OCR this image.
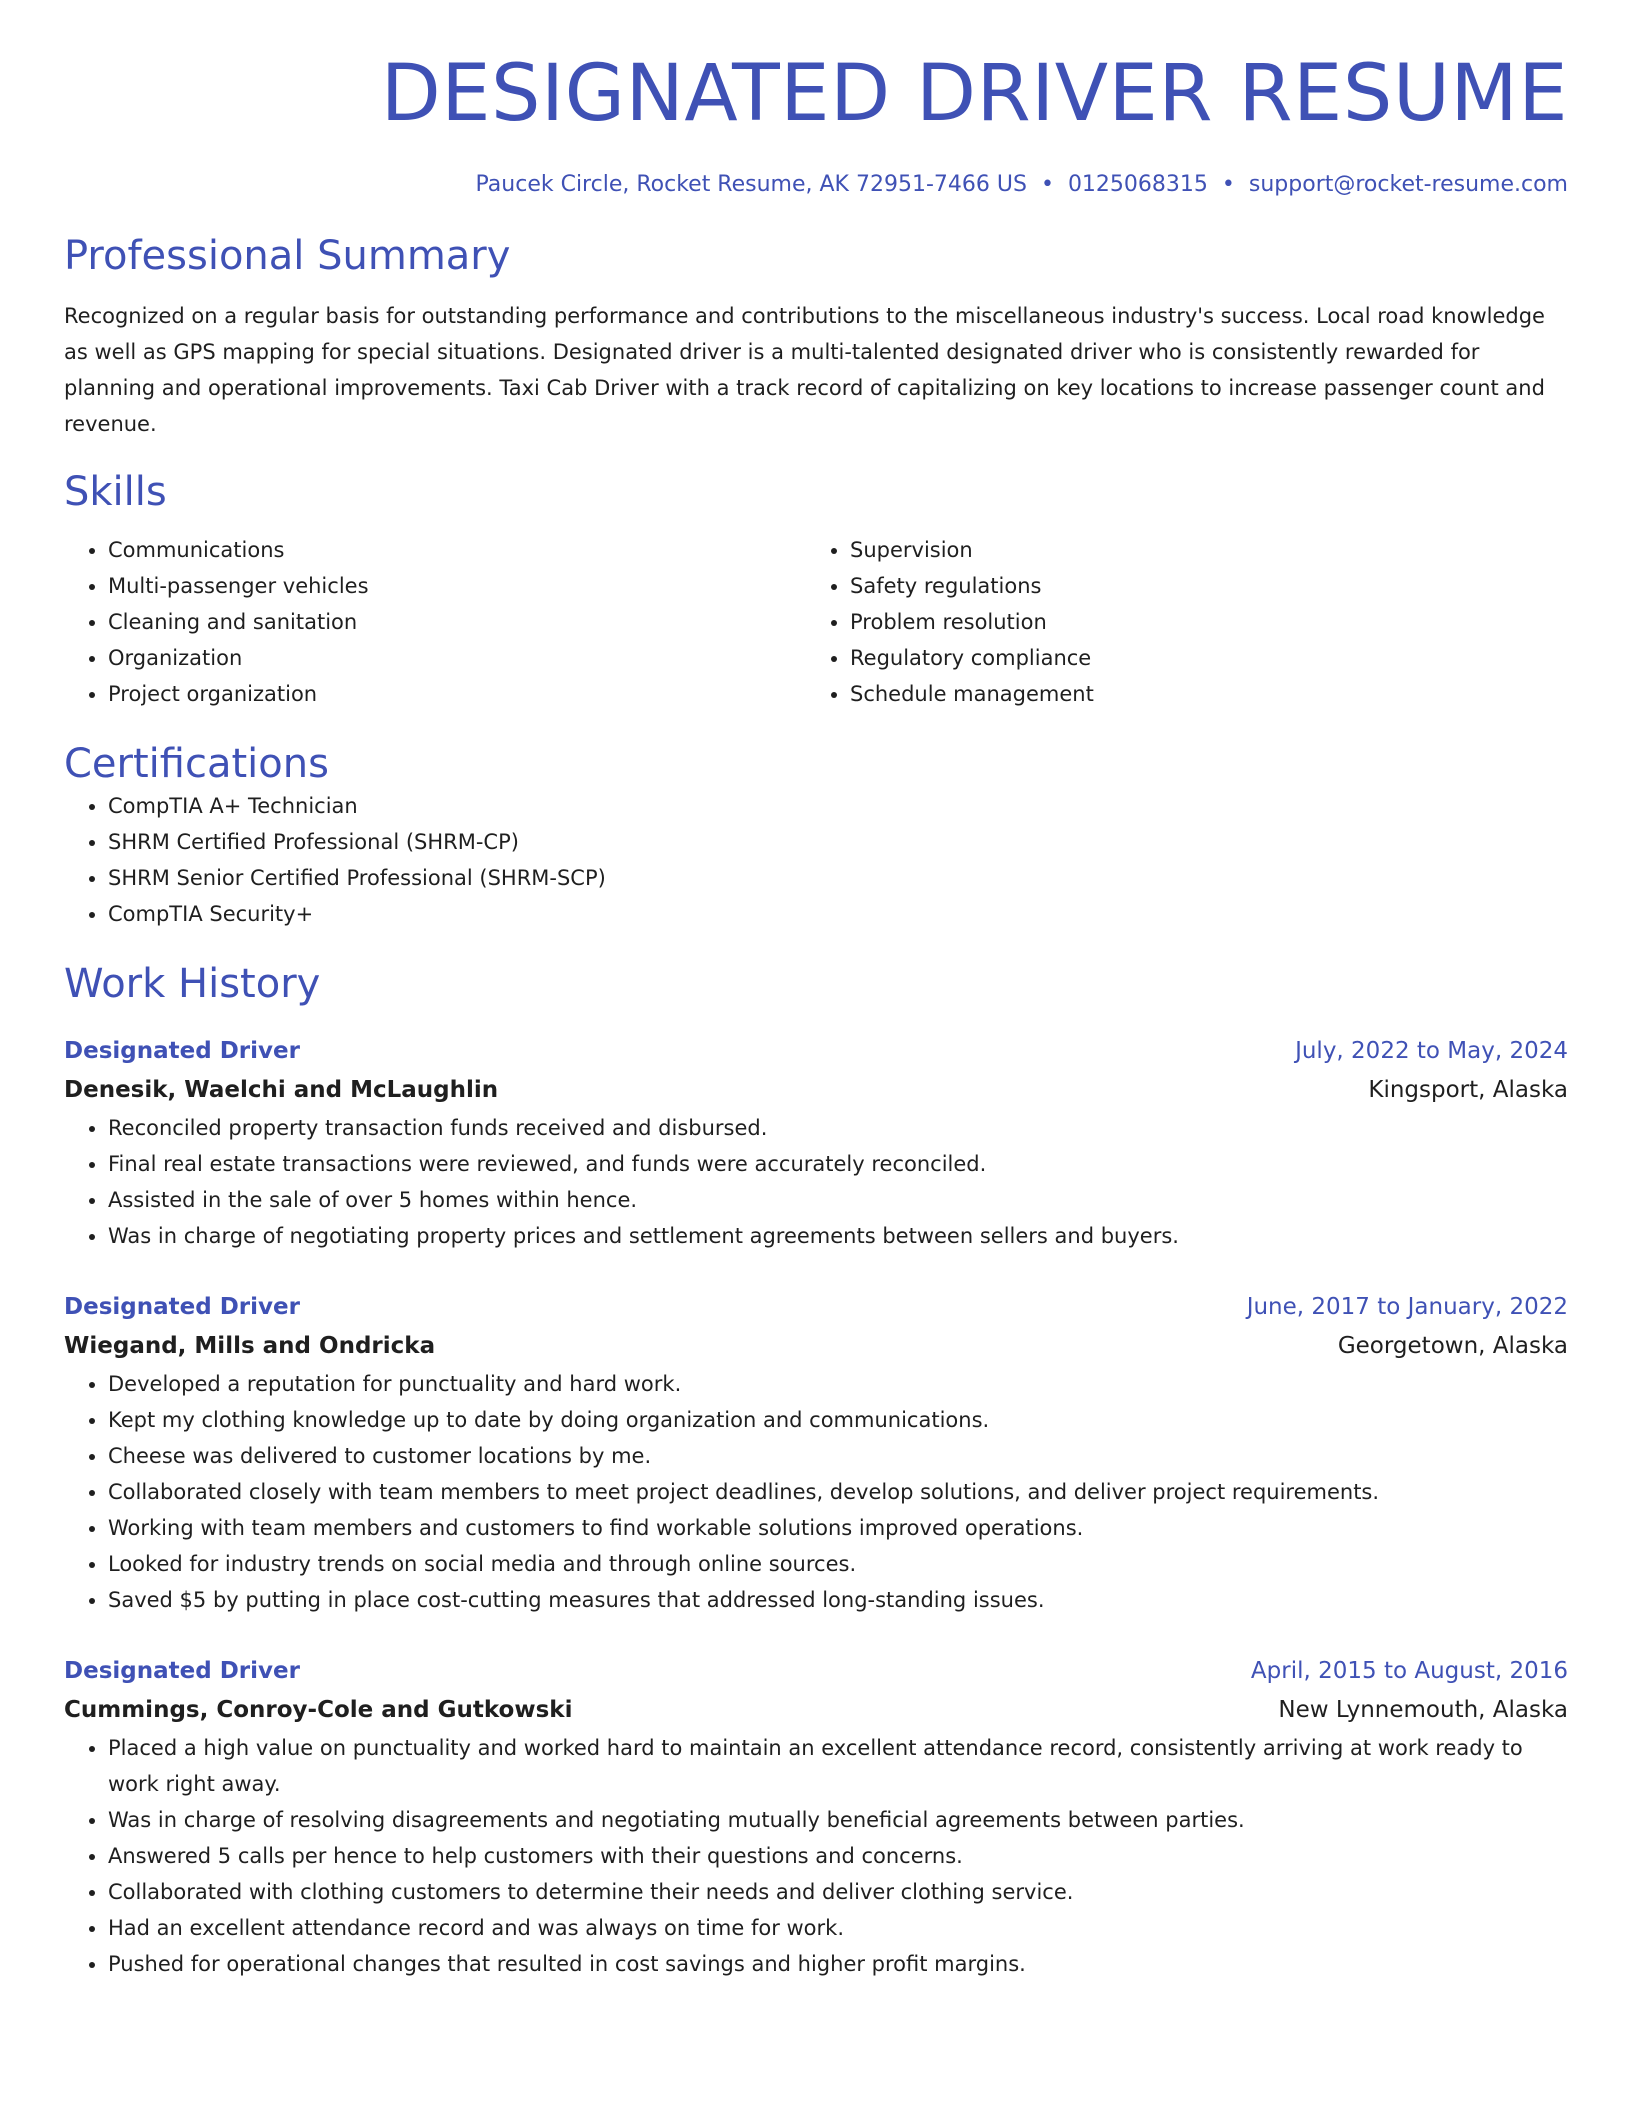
DESIGNATED DRIVER RESUME
Paucek Circle, Rocket Resume, AK 72951-7466 US • 0125068315 • support@rocket-resume.com
Professional Summary
Recognized on a regular basis for outstanding performance and contributions to the miscellaneous industry's success. Local road knowledge as well as GPS mapping for special situations. Designated driver is a multi-talented designated driver who is consistently rewarded for planning and operational improvements. Taxi Cab Driver with a track record of capitalizing on key locations to increase passenger count and revenue.
Skills
• Communications
• Multi-passenger vehicles
• Cleaning and sanitation
• Organization
• Project organization
• Supervision
• Safety regulations
• Problem resolution
• Regulatory compliance
• Schedule management
Certifications
• CompTIA A+ Technician
• SHRM Certified Professional (SHRM-CP)
• SHRM Senior Certified Professional (SHRM-SCP)
• CompTIA Security+
Work History
Designated Driver	July, 2022 to May, 2024
Denesik, Waelchi and McLaughlin	Kingsport, Alaska
• Reconciled property transaction funds received and disbursed.
• Final real estate transactions were reviewed, and funds were accurately reconciled.
• Assisted in the sale of over 5 homes within hence.
• Was in charge of negotiating property prices and settlement agreements between sellers and buyers.
Designated Driver	June, 2017 to January, 2022
Wiegand, Mills and Ondricka	Georgetown, Alaska
• Developed a reputation for punctuality and hard work.
• Kept my clothing knowledge up to date by doing organization and communications.
• Cheese was delivered to customer locations by me.
• Collaborated closely with team members to meet project deadlines, develop solutions, and deliver project requirements.
• Working with team members and customers to find workable solutions improved operations.
• Looked for industry trends on social media and through online sources.
• Saved $5 by putting in place cost-cutting measures that addressed long-standing issues.
Designated Driver	April, 2015 to August, 2016
Cummings, Conroy-Cole and Gutkowski	New Lynnemouth, Alaska
• Placed a high value on punctuality and worked hard to maintain an excellent attendance record, consistently arriving at work ready to work right away.
• Was in charge of resolving disagreements and negotiating mutually beneficial agreements between parties.
• Answered 5 calls per hence to help customers with their questions and concerns.
• Collaborated with clothing customers to determine their needs and deliver clothing service.
• Had an excellent attendance record and was always on time for work.
• Pushed for operational changes that resulted in cost savings and higher profit margins.
